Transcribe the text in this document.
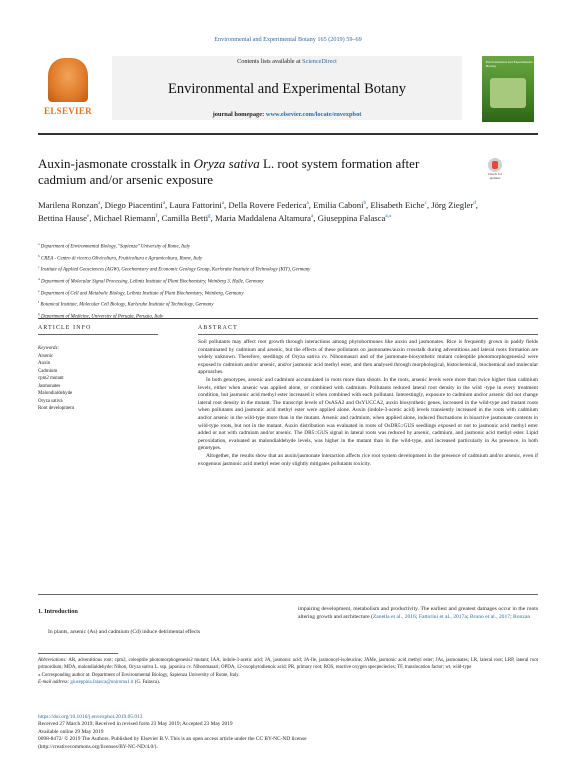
Environmental and Experimental Botany 165 (2019) 59–69
ELSEVIER
Contents lists available at ScienceDirect
Environmental and Experimental Botany
journal homepage: www.elsevier.com/locate/envexpbot
Environmental and Experimental Botany
Auxin-jasmonate crosstalk in Oryza sativa L. root system formation after cadmium and/or arsenic exposure	Check for updates
Marilena Ronzan$^a$, Diego Piacentini$^a$, Laura Fattorini$^a$, Della Rovere Federica$^a$, Emilia Caboni$^b$, Elisabeth Eiche$^c$, Jörg Ziegler$^d$, Bettina Hause$^e$, Michael Riemann$^f$, Camilla Betti$^g$, Maria Maddalena Altamura$^a$, Giuseppina Falasca$^{a,⁎}$
$^a$ Department of Environmental Biology, "Sapienza" University of Rome, Italy
$^b$ CREA - Centro di ricerca Olivicoltura, Frutticoltura e Agrumicoltura, Rome, Italy
$^c$ Institute of Applied Geosciences (AGW), Geochemistry and Economic Geology Group, Karlsruhe Institute of Technology (KIT), Germany
$^d$ Department of Molecular Signal Processing, Leibniz Institute of Plant Biochemistry, Weinberg 3, Halle, Germany
$^e$ Department of Cell and Metabolic Biology, Leibniz Institute of Plant Biochemistry, Weinberg, Germany
$^f$ Botanical Institute, Molecular Cell Biology, Karlsruhe Institute of Technology, Germany
$^g$ Department of Medicine, University of Perugia, Perugia, Italy
ARTICLE INFO	ABSTRACT
Keywords:
Arsenic
Auxin
Cadmium
cpm2 mutant
Jasmonates
Malondialdehyde
Oryza sativa
Root development

Soil pollutants may affect root growth through interactions among phytohormones like auxin and jasmonates. Rice is frequently grown in paddy fields contaminated by cadmium and arsenic, but the effects of these pollutants on jasmonates/auxin crosstalk during adventitious and lateral roots formation are widely unknown. Therefore, seedlings of Oryza sativa cv. Nihonmasari and of the jasmonate-biosynthetic mutant coleoptile photomorphogenesis2 were exposed to cadmium and/or arsenic, and/or jasmonic acid methyl ester, and then analysed through morphological, histochemical, biochemical and molecular approaches.

In both genotypes, arsenic and cadmium accumulated in roots more than shoots. In the roots, arsenic levels were more than twice higher than cadmium levels, either when arsenic was applied alone, or combined with cadmium. Pollutants reduced lateral root density in the wild -type in every treatment condition, but jasmonic acid methyl ester increased it when combined with each pollutant. Interestingly, exposure to cadmium and/or arsenic did not change lateral root density in the mutant. The transcript levels of OsASA2 and OsYUCCA2, auxin biosynthetic genes, increased in the wild-type and mutant roots when pollutants and jasmonic acid methyl ester were applied alone. Auxin (indole-3-acetic acid) levels transiently increased in the roots with cadmium and/or arsenic in the wild-type more than in the mutant. Arsenic and cadmium, when applied alone, induced fluctuations in bioactive jasmonate contents in wild-type roots, but not in the mutant. Auxin distribution was evaluated in roots of OsDR5::GUS seedlings exposed or not to jasmonic acid methyl ester added or not with cadmium and/or arsenic. The DR5::GUS signal in lateral roots was reduced by arsenic, cadmium, and jasmonic acid methyl ester. Lipid peroxidation, evaluated as malondialdehyde levels, was higher in the mutant than in the wild-type, and increased particularly in As presence, in both genotypes.

Altogether, the results show that an auxin/jasmonate interaction affects rice root system development in the presence of cadmium and/or arsenic, even if exogenous jasmonic acid methyl ester only slightly mitigates pollutants toxicity.

1. Introduction
In plants, arsenic (As) and cadmium (Cd) induce detrimental effects
impairing development, metabolism and productivity. The earliest and greatest damages occur in the roots altering growth and architecture (Zanella et al., 2016; Fattorini et al., 2017a; Bruno et al., 2017; Ronzan

Abbreviations: AR, adventitious root; cpm2, coleoptile photomorphogenesis2 mutant; IAA, indole-3-acetic acid; JA, jasmonic acid; JA-Ile, jasmonoyl-isoleucine; JAMe, jasmonic acid methyl ester; JAs, jasmonates; LR, lateral root; LRP, lateral root primordium; MDA, malondialdehyde; Nihon, Oryza sativa L. ssp. japonica cv. Nihonmasari; OPDA, 12-oxophytodienoic acid; PR, primary root; ROS, reactive oxygen specpeciecies; TF, translocation factor; wt, wild-type

⁎ Corresponding author at: Department of Environmental Biology, Sapienza University of Rome, Italy.

E-mail address: giuseppina.falasca@uniroma1.it (G. Falasca).

https://doi.org/10.1016/j.envexpbot.2019.05.013

Received 27 March 2019; Received in revised form 23 May 2019; Accepted 23 May 2019

Available online 29 May 2019

0098-8472/ © 2019 The Authors. Published by Elsevier B.V. This is an open access article under the CC BY-NC-ND license

(http://creativecommons.org/licenses/BY-NC-ND/4.0/).
